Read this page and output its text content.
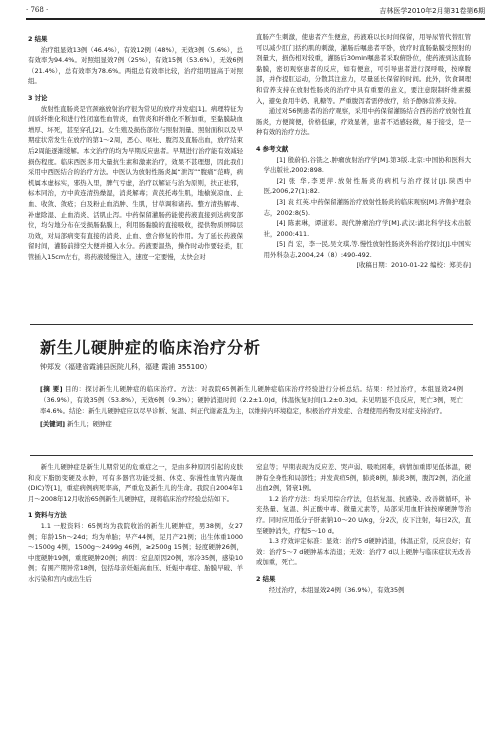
· 768 ·	吉林医学2010年2月第31卷第6期

2 结果

治疗组显效13例（46.4%），有效12例（48%），无效3例（5.6%），总有效率为94.4%。对照组显效7例（25%），有效15例（53.6%），无效6例（21.4%），总有效率为78.6%。两组总有效率比较，治疗组明显高于对照组。

3 讨论

放射性直肠炎是宫颈癌放射治疗很为常见的放疗并发症[1]。病理特征为间质纤维化和进行性闭塞性血管炎，血管炎和纤维化不断加重，至黏膜缺血增厚、坏死，甚至穿孔[2]。女生殖及损伤部位与照射剂量、照射面积以及早期症状常发生在放疗的第1～2周，恶心、呕吐、腹泻及直肠出血，放疗结束后2周能逐渐缓解。本文治疗的均为早期反应患者。早期进行治疗能有效减轻损伤程度。临床西医多用大量抗生素和激素治疗，效果不甚理想，因此我们采用中西医结合的治疗方法。中医认为放射性肠炎属“泄泻”“腹痛”范畴，病机属本虚标实，邪热入里，脾气亏虚，治疗以解证与治为原则，扶正祛邪，标本同治，方中黄连清热燥湿，消炎解毒；黄芪托毒生肌，地榆炭凉血、止血、收敛、敛疮；白及粉止血消肿、生肌，甘草调和诸药。整方清热解毒、补虚除湿、止血消炎、活肌止泻。中药保留灌肠药能使药液直接到达病变部位，均匀地分布在受损肠黏膜上，利用肠黏膜的直接吸收，提供物质屏障层功效，对局部病变有直接的消炎、止血、愈合修复的作用。为了延长药液保留时间，灌肠前排空大便并摄入水分。药液要温热，操作时动作要轻柔，肛管插入15cm左右，将药液缓慢注入，速度一定要慢，太快会对

直肠产生刺激，使患者产生便意，药液难以长时间保留，用导尿管代替肛管可以减少肛门括约肌的刺激，灌肠后嘱患者平卧，放疗时直肠黏膜受照射的剂量大，损伤相对较重，灌肠后30min嘱患者采取俯卧位，使药液到达直肠黏膜，密切观察患者的反应，如有便意，可引导患者进行深呼吸，按摩腹部，并作提肛运动，分散其注意力，尽量延长保留的时间。此外，饮食调理和营养支持在放射性肠炎的治疗中具有重要的意义，要注意限制纤维素摄入，避免食用牛奶、乳糖等。严重腹泻者需停放疗，给予静脉营养支持。

通过对56例患者的治疗观察，采用中药保留灌肠结合西药治疗放射性直肠炎，方便简便，价格低廉，疗效显著，患者不适感轻微，易于接受，是一种有效的治疗方法。

4 参考文献

[1] 殷蔚伯,谷铣之.肿瘤放射治疗学[M].第3版.北京:中国协和医科大学出版社,2002:898.

[2] 张 华,李更萍.放射性肠炎的病机与治疗探讨[J].陕西中医,2006,27(1):82.

[3] 袁 红英.中药保留灌肠治疗放射性肠炎的临床观察[M].齐鲁护理杂志，2002:8(5).

[4] 陈素琳，谭道彩。现代肿瘤治疗学[M].武汉:湖北科学技术出版社，2000:411.

[5] 肖 宏，李一民,吴文琪,等.慢性放射性肠炎外科治疗探讨[J].中国实用外科杂志,2004,24（8）:490-492.

[收稿日期：2010-01-22 编校：郑美春]

新生儿硬肿症的临床治疗分析
钟郑发（福建省霞浦县医院儿科，福建 霞浦 355100）

[摘 要] 目的：探讨新生儿硬肿症的临床治疗。方法：对我院65例新生儿硬肿症临床治疗经验进行分析总结。结果：经过治疗，本组显效24例（36.9%），有效35例（53.8%），无效6例（9.3%）；硬肿消退时间（2.2±1.0)d，体温恢复时间(1.2±0.3)d。未见明显不良反应，死亡3例，死亡率4.6%。结论：新生儿硬肿症应以尽早诊断、复温、纠正代谢紊乱为主，以维持内环境稳定，积极治疗并发症、合理使用药物及对症支持治疗。

[关键词] 新生儿；硬肿症

新生儿硬肿症是新生儿期常见的危重症之一，是由多种原因引起的皮肤和皮下脂肪变硬及水肿，可有多器官功能受损、休克、弥漫性血管内凝血(DIC)等[1]，重症病例病死率高，严重危及新生儿的生命。我院自2004年1月～2008年12月收治65例新生儿硬肿症，现将临床治疗经验总结如下。

1 资料与方法

1.1 一般资料：65例均为我院收治的新生儿硬肿症，男38例，女27例；年龄15h～24d；均为单胎；早产44例，足月产21例；出生体重1000～1500g 4例，1500g～2499g 46例，≥2500g 15例；轻度硬肿26例，中度硬肿19例，重度硬肿20例；病因：窒息原因20例，寒冷35例，感染10例；有围产期异常18例，包括母亲妊娠高血压、妊娠中毒症、胎膜早破、羊水污染和宫内或出生后

窒息等；早期表现为反应差、哭声弱、吸吮困难，病情加重即见低体温，硬肿有全身性和局部性；并发黄疸5例，肺炎8例，肺炎3例，腹泻2例，消化道出血2例，肾衰1例。

1.2 治疗方法：均采用综合疗法，包括复温、抗感染、改善微循环，补充热量、复温、纠正酸中毒、微量元素等，局部采用血肝油按摩硬肿等治疗。同时应用低分子肝素钠10～20 U/kg，分2次，皮下注射，每日2次，直至硬肿消失，疗程5～10 d。

1.3 疗效评定标准：显效：治疗5 d硬肿消退，体温正常，反应良好；有效：治疗5～7 d硬肿基本消退；无效：治疗7 d以上硬肿与临床症状无改善或加重，死亡。

2 结果

经过治疗，本组显效24例（36.9%），有效35例
